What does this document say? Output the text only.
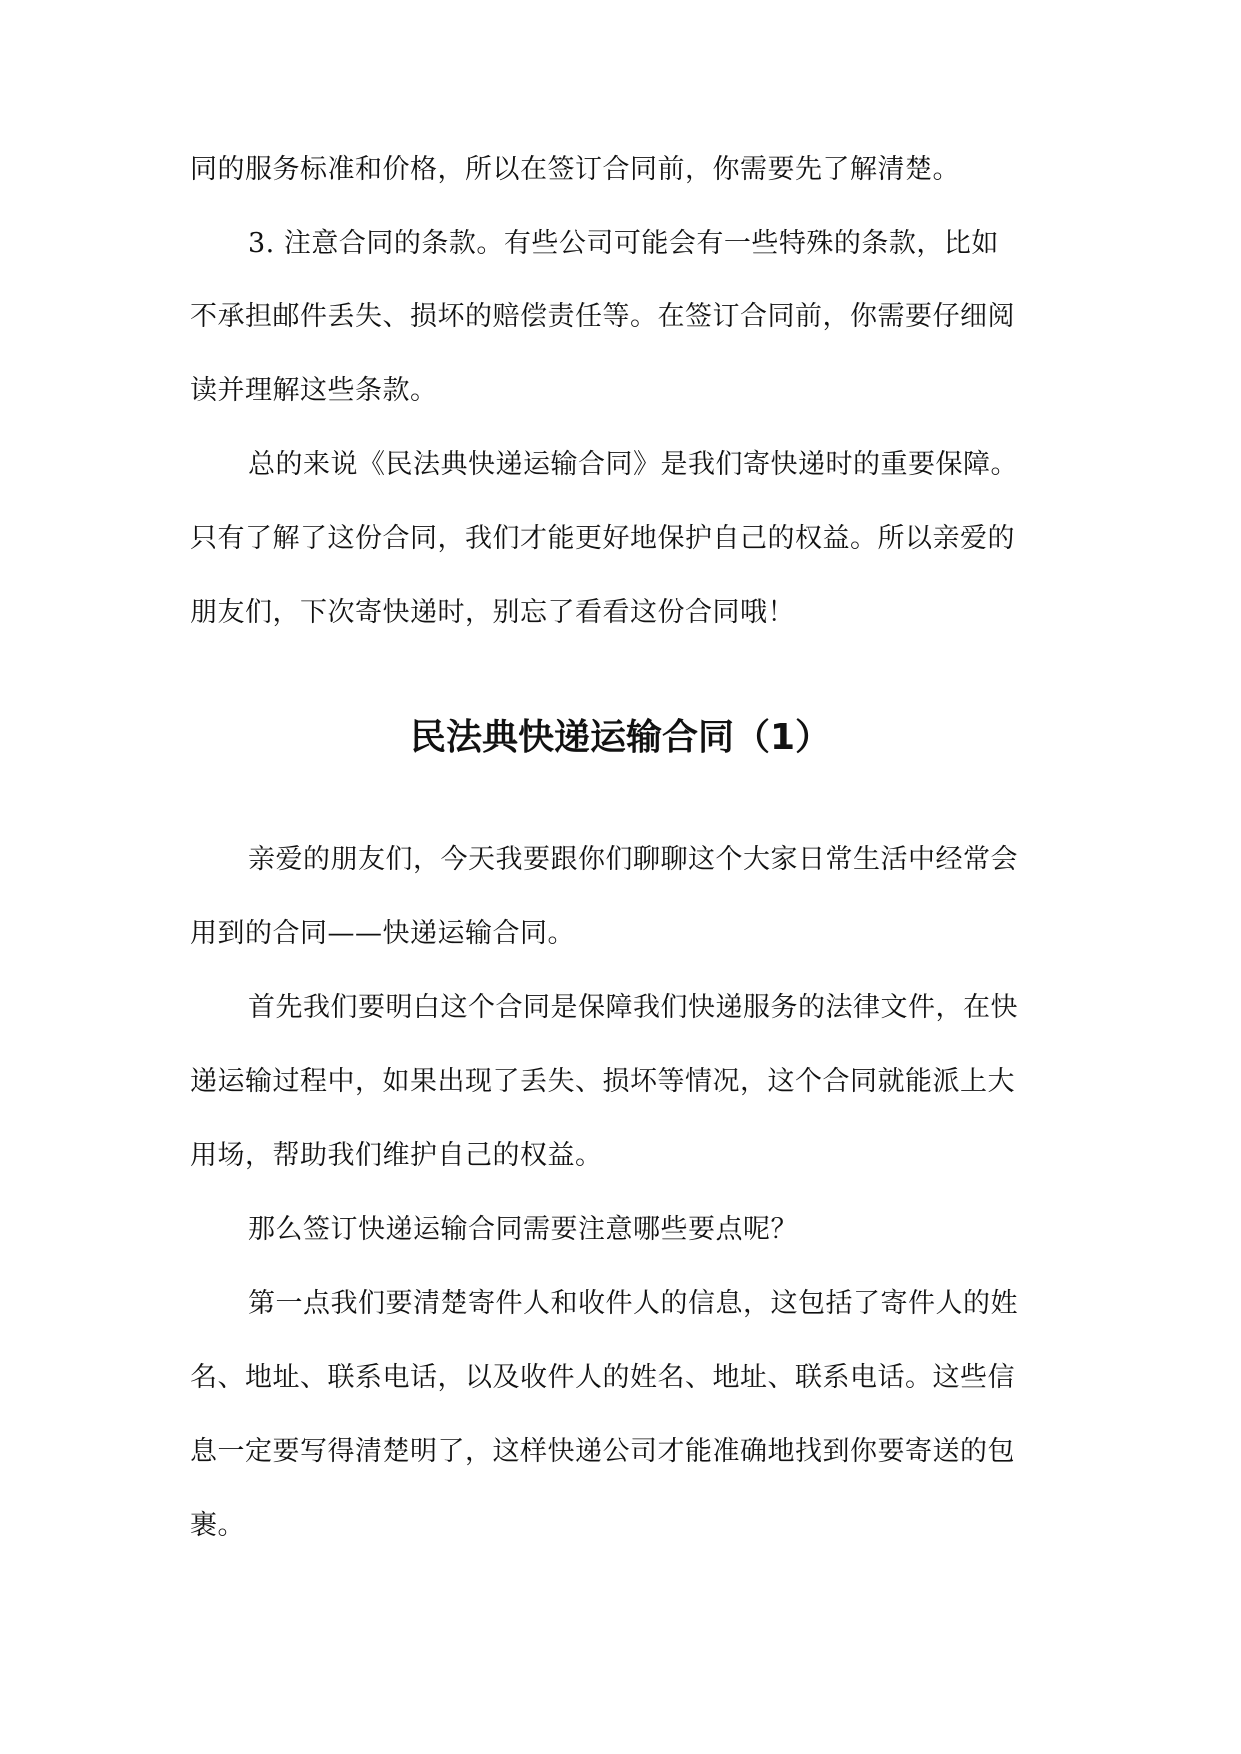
同的服务标准和价格，所以在签订合同前，你需要先了解清楚。
3. 注意合同的条款。有些公司可能会有一些特殊的条款，比如
不承担邮件丢失、损坏的赔偿责任等。在签订合同前，你需要仔细阅
读并理解这些条款。
总的来说《民法典快递运输合同》是我们寄快递时的重要保障。
只有了解了这份合同，我们才能更好地保护自己的权益。所以亲爱的
朋友们，下次寄快递时，别忘了看看这份合同哦！
民法典快递运输合同（1）
亲爱的朋友们，今天我要跟你们聊聊这个大家日常生活中经常会
用到的合同——快递运输合同。
首先我们要明白这个合同是保障我们快递服务的法律文件，在快
递运输过程中，如果出现了丢失、损坏等情况，这个合同就能派上大
用场，帮助我们维护自己的权益。
那么签订快递运输合同需要注意哪些要点呢？
第一点我们要清楚寄件人和收件人的信息，这包括了寄件人的姓
名、地址、联系电话，以及收件人的姓名、地址、联系电话。这些信
息一定要写得清楚明了，这样快递公司才能准确地找到你要寄送的包
裹。
